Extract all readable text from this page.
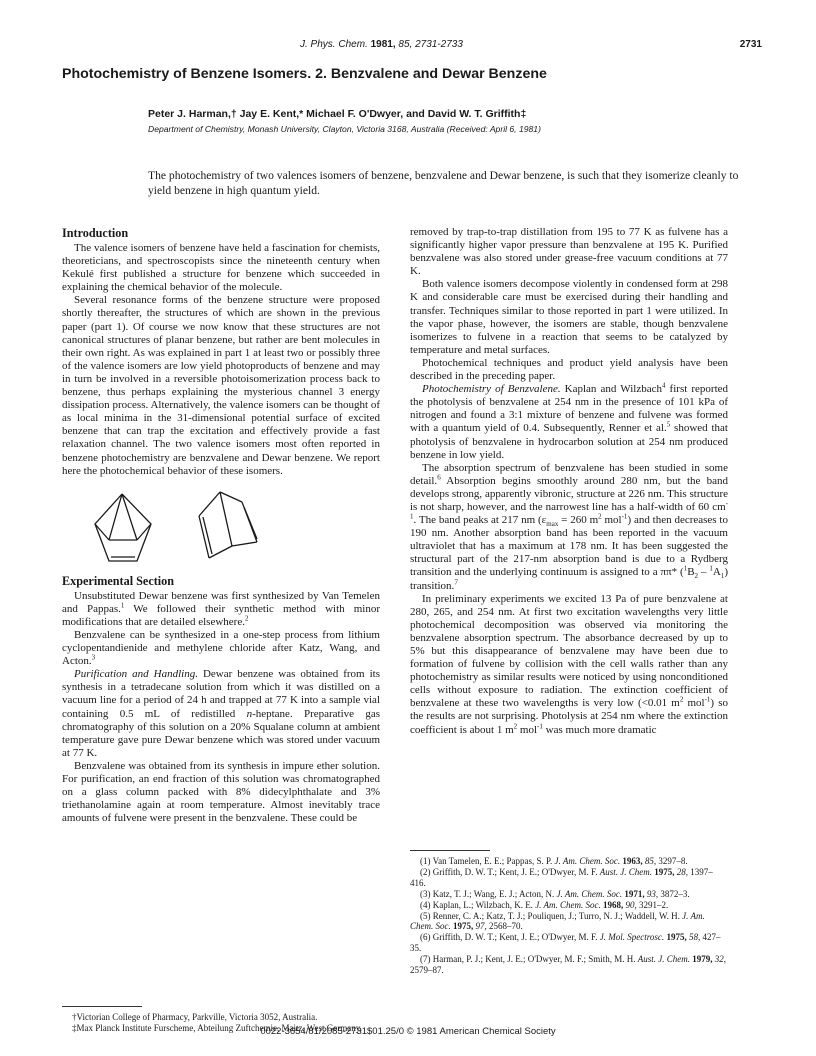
J. Phys. Chem. 1981, 85, 2731-2733	2731
Photochemistry of Benzene Isomers. 2. Benzvalene and Dewar Benzene
Peter J. Harman,† Jay E. Kent,* Michael F. O'Dwyer, and David W. T. Griffith‡
Department of Chemistry, Monash University, Clayton, Victoria 3168, Australia (Received: April 6, 1981)
The photochemistry of two valences isomers of benzene, benzvalene and Dewar benzene, is such that they isomerize cleanly to yield benzene in high quantum yield.
Introduction

The valence isomers of benzene have held a fascination for chemists, theoreticians, and spectroscopists since the nineteenth century when Kekulé first published a structure for benzene which succeeded in explaining the chemical behavior of the molecule.

Several resonance forms of the benzene structure were proposed shortly thereafter, the structures of which are shown in the previous paper (part 1). Of course we now know that these structures are not canonical structures of planar benzene, but rather are bent molecules in their own right. As was explained in part 1 at least two or possibly three of the valence isomers are low yield photoproducts of benzene and may in turn be involved in a reversible photoisomerization process back to benzene, thus perhaps explaining the mysterious channel 3 energy dissipation process. Alternatively, the valence isomers can be thought of as local minima in the 31-dimensional potential surface of excited benzene that can trap the excitation and effectively provide a fast relaxation channel. The two valence isomers most often reported in benzene photochemistry are benzvalene and Dewar benzene. We report here the photochemical behavior of these isomers.

Experimental Section

Unsubstituted Dewar benzene was first synthesized by Van Temelen and Pappas.$^1$ We followed their synthetic method with minor modifications that are detailed elsewhere.$^2$

Benzvalene can be synthesized in a one-step process from lithium cyclopentandienide and methylene chloride after Katz, Wang, and Acton.$^3$

Purification and Handling. Dewar benzene was obtained from its synthesis in a tetradecane solution from which it was distilled on a vacuum line for a period of 24 h and trapped at 77 K into a sample vial containing 0.5 mL of redistilled n-heptane. Preparative gas chromatography of this solution on a 20% Squalane column at ambient temperature gave pure Dewar benzene which was stored under vacuum at 77 K.

Benzvalene was obtained from its synthesis in impure ether solution. For purification, an end fraction of this solution was chromatographed on a glass column packed with 8% didecylphthalate and 3% triethanolamine again at room temperature. Almost inevitably trace amounts of fulvene were present in the benzvalene. These could be

removed by trap-to-trap distillation from 195 to 77 K as fulvene has a significantly higher vapor pressure than benzvalene at 195 K. Purified benzvalene was also stored under grease-free vacuum conditions at 77 K.

Both valence isomers decompose violently in condensed form at 298 K and considerable care must be exercised during their handling and transfer. Techniques similar to those reported in part 1 were utilized. In the vapor phase, however, the isomers are stable, though benzvalene isomerizes to fulvene in a reaction that seems to be catalyzed by temperature and metal surfaces.

Photochemical techniques and product yield analysis have been described in the preceding paper.

Photochemistry of Benzvalene. Kaplan and Wilzbach$^4$ first reported the photolysis of benzvalene at 254 nm in the presence of 101 kPa of nitrogen and found a 3:1 mixture of benzene and fulvene was formed with a quantum yield of 0.4. Subsequently, Renner et al.$^5$ showed that photolysis of benzvalene in hydrocarbon solution at 254 nm produced benzene in low yield.

The absorption spectrum of benzvalene has been studied in some detail.$^6$ Absorption begins smoothly around 280 nm, but the band develops strong, apparently vibronic, structure at 226 nm. This structure is not sharp, however, and the narrowest line has a half-width of 60 $cm^{-1}$. The band peaks at 217 nm ($\varepsilon_{max} = 260$ $m^2$ mol$^{-1}$) and then decreases to 190 nm. Another absorption band has been reported in the vacuum ultraviolet that has a maximum at 178 nm. It has been suggested the structural part of the 217-nm absorption band is due to a Rydberg transition and the underlying continuum is assigned to a ππ* $(^1B_2 - ^1A_1)$ transition.$^7$

In preliminary experiments we excited 13 Pa of pure benzvalene at 280, 265, and 254 nm. At first two excitation wavelengths very little photochemical decomposition was observed via monitoring the benzvalene absorption spectrum. The absorbance decreased by up to 5% but this disappearance of benzvalene may have been due to formation of fulvene by collision with the cell walls rather than any photochemistry as similar results were noticed by using nonconditioned cells without exposure to radiation. The extinction coefficient of benzvalene at these two wavelengths is very low (<0.01 $m^2$ mol$^{-1}$) so the results are not surprising. Photolysis at 254 nm where the extinction coefficient is about 1 $m^2$ mol$^{-1}$ was much more dramatic

(1) Van Tamelen, E. E.; Pappas, S. P. J. Am. Chem. Soc. 1963, 85, 3297–8.

(2) Griffith, D. W. T.; Kent, J. E.; O'Dwyer, M. F. Aust. J. Chem. 1975, 28, 1397–416.

(3) Katz, T. J.; Wang, E. J.; Acton, N. J. Am. Chem. Soc. 1971, 93, 3872–3.

(4) Kaplan, L.; Wilzbach, K. E. J. Am. Chem. Soc. 1968, 90, 3291–2.

(5) Renner, C. A.; Katz, T. J.; Pouliquen, J.; Turro, N. J.; Waddell, W. H. J. Am. Chem. Soc. 1975, 97, 2568–70.

(6) Griffith, D. W. T.; Kent, J. E.; O'Dwyer, M. F. J. Mol. Spectrosc. 1975, 58, 427–35.

(7) Harman, P. J.; Kent, J. E.; O'Dwyer, M. F.; Smith, M. H. Aust. J. Chem. 1979, 32, 2579–87.

†Victorian College of Pharmacy, Parkville, Victoria 3052, Australia.

‡Max Planck Institute Furscheme, Abteilung Zuftchemie, Maitz, West Germany.

0022-3654/81/2085-2731$01.25/0 © 1981 American Chemical Society
